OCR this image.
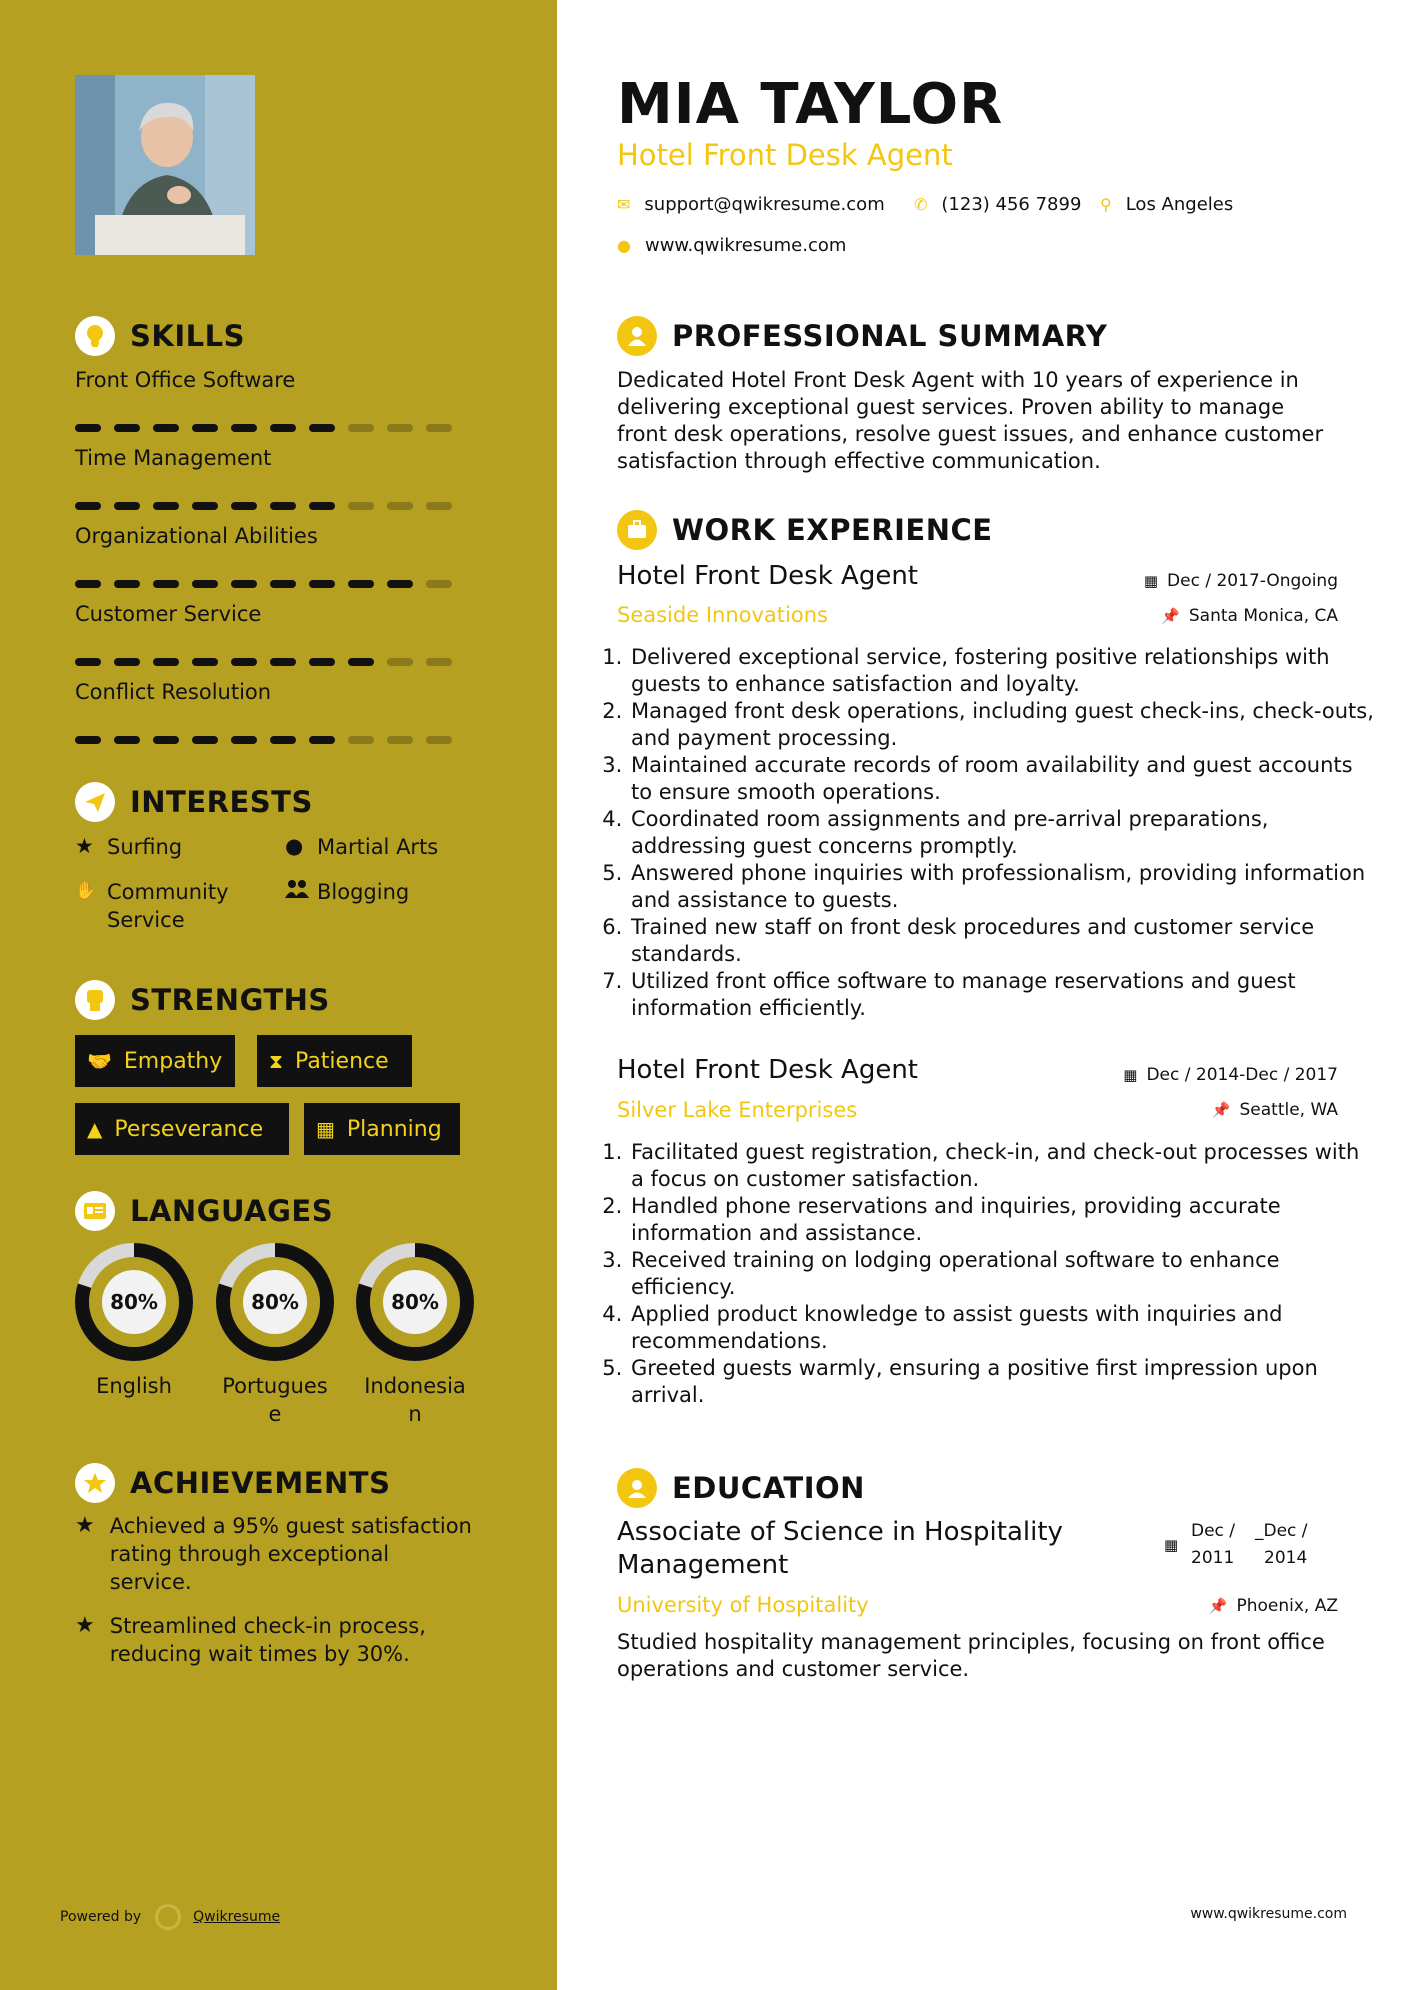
SKILLS
Front Office Software
Time Management
Organizational Abilities
Customer Service
Conflict Resolution
INTERESTS
★ Surfing	● Martial Arts
✋ Community
Service
Blogging
STRENGTHS
🤝 Empathy ⧗ Patience
▲ Perseverance	▦ Planning
LANGUAGES
80%
English
80%
Portugues
e
80%
Indonesia
n
ACHIEVEMENTS
★ Achieved a 95% guest satisfaction rating through exceptional service.
★ Streamlined check-in process, reducing wait times by 30%.
Powered by	Qwikresume
MIA TAYLOR
Hotel Front Desk Agent
✉ support@qwikresume.com ✆ (123) 456 7899 ⚲ Los Angeles
● www.qwikresume.com
PROFESSIONAL SUMMARY
Dedicated Hotel Front Desk Agent with 10 years of experience in delivering exceptional guest services. Proven ability to manage front desk operations, resolve guest issues, and enhance customer satisfaction through effective communication.
WORK EXPERIENCE
Hotel Front Desk Agent
Seaside Innovations
▦ Dec / 2017-Ongoing
📌 Santa Monica, CA
1. Delivered exceptional service, fostering positive relationships with guests to enhance satisfaction and loyalty.
2. Managed front desk operations, including guest check-ins, check-outs, and payment processing.
3. Maintained accurate records of room availability and guest accounts to ensure smooth operations.
4. Coordinated room assignments and pre-arrival preparations, addressing guest concerns promptly.
5. Answered phone inquiries with professionalism, providing information and assistance to guests.
6. Trained new staff on front desk procedures and customer service standards.
7. Utilized front office software to manage reservations and guest information efficiently.
Hotel Front Desk Agent
Silver Lake Enterprises
▦ Dec / 2014-Dec / 2017
📌 Seattle, WA
1. Facilitated guest registration, check-in, and check-out processes with a focus on customer satisfaction.
2. Handled phone reservations and inquiries, providing accurate information and assistance.
3. Received training on lodging operational software to enhance efficiency.
4. Applied product knowledge to assist guests with inquiries and recommendations.
5. Greeted guests warmly, ensuring a positive first impression upon arrival.
EDUCATION
Associate of Science in Hospitality
Management
University of Hospitality
▦
Dec /
2011
_Dec /
2014
📌 Phoenix, AZ
Studied hospitality management principles, focusing on front office operations and customer service.
www.qwikresume.com
